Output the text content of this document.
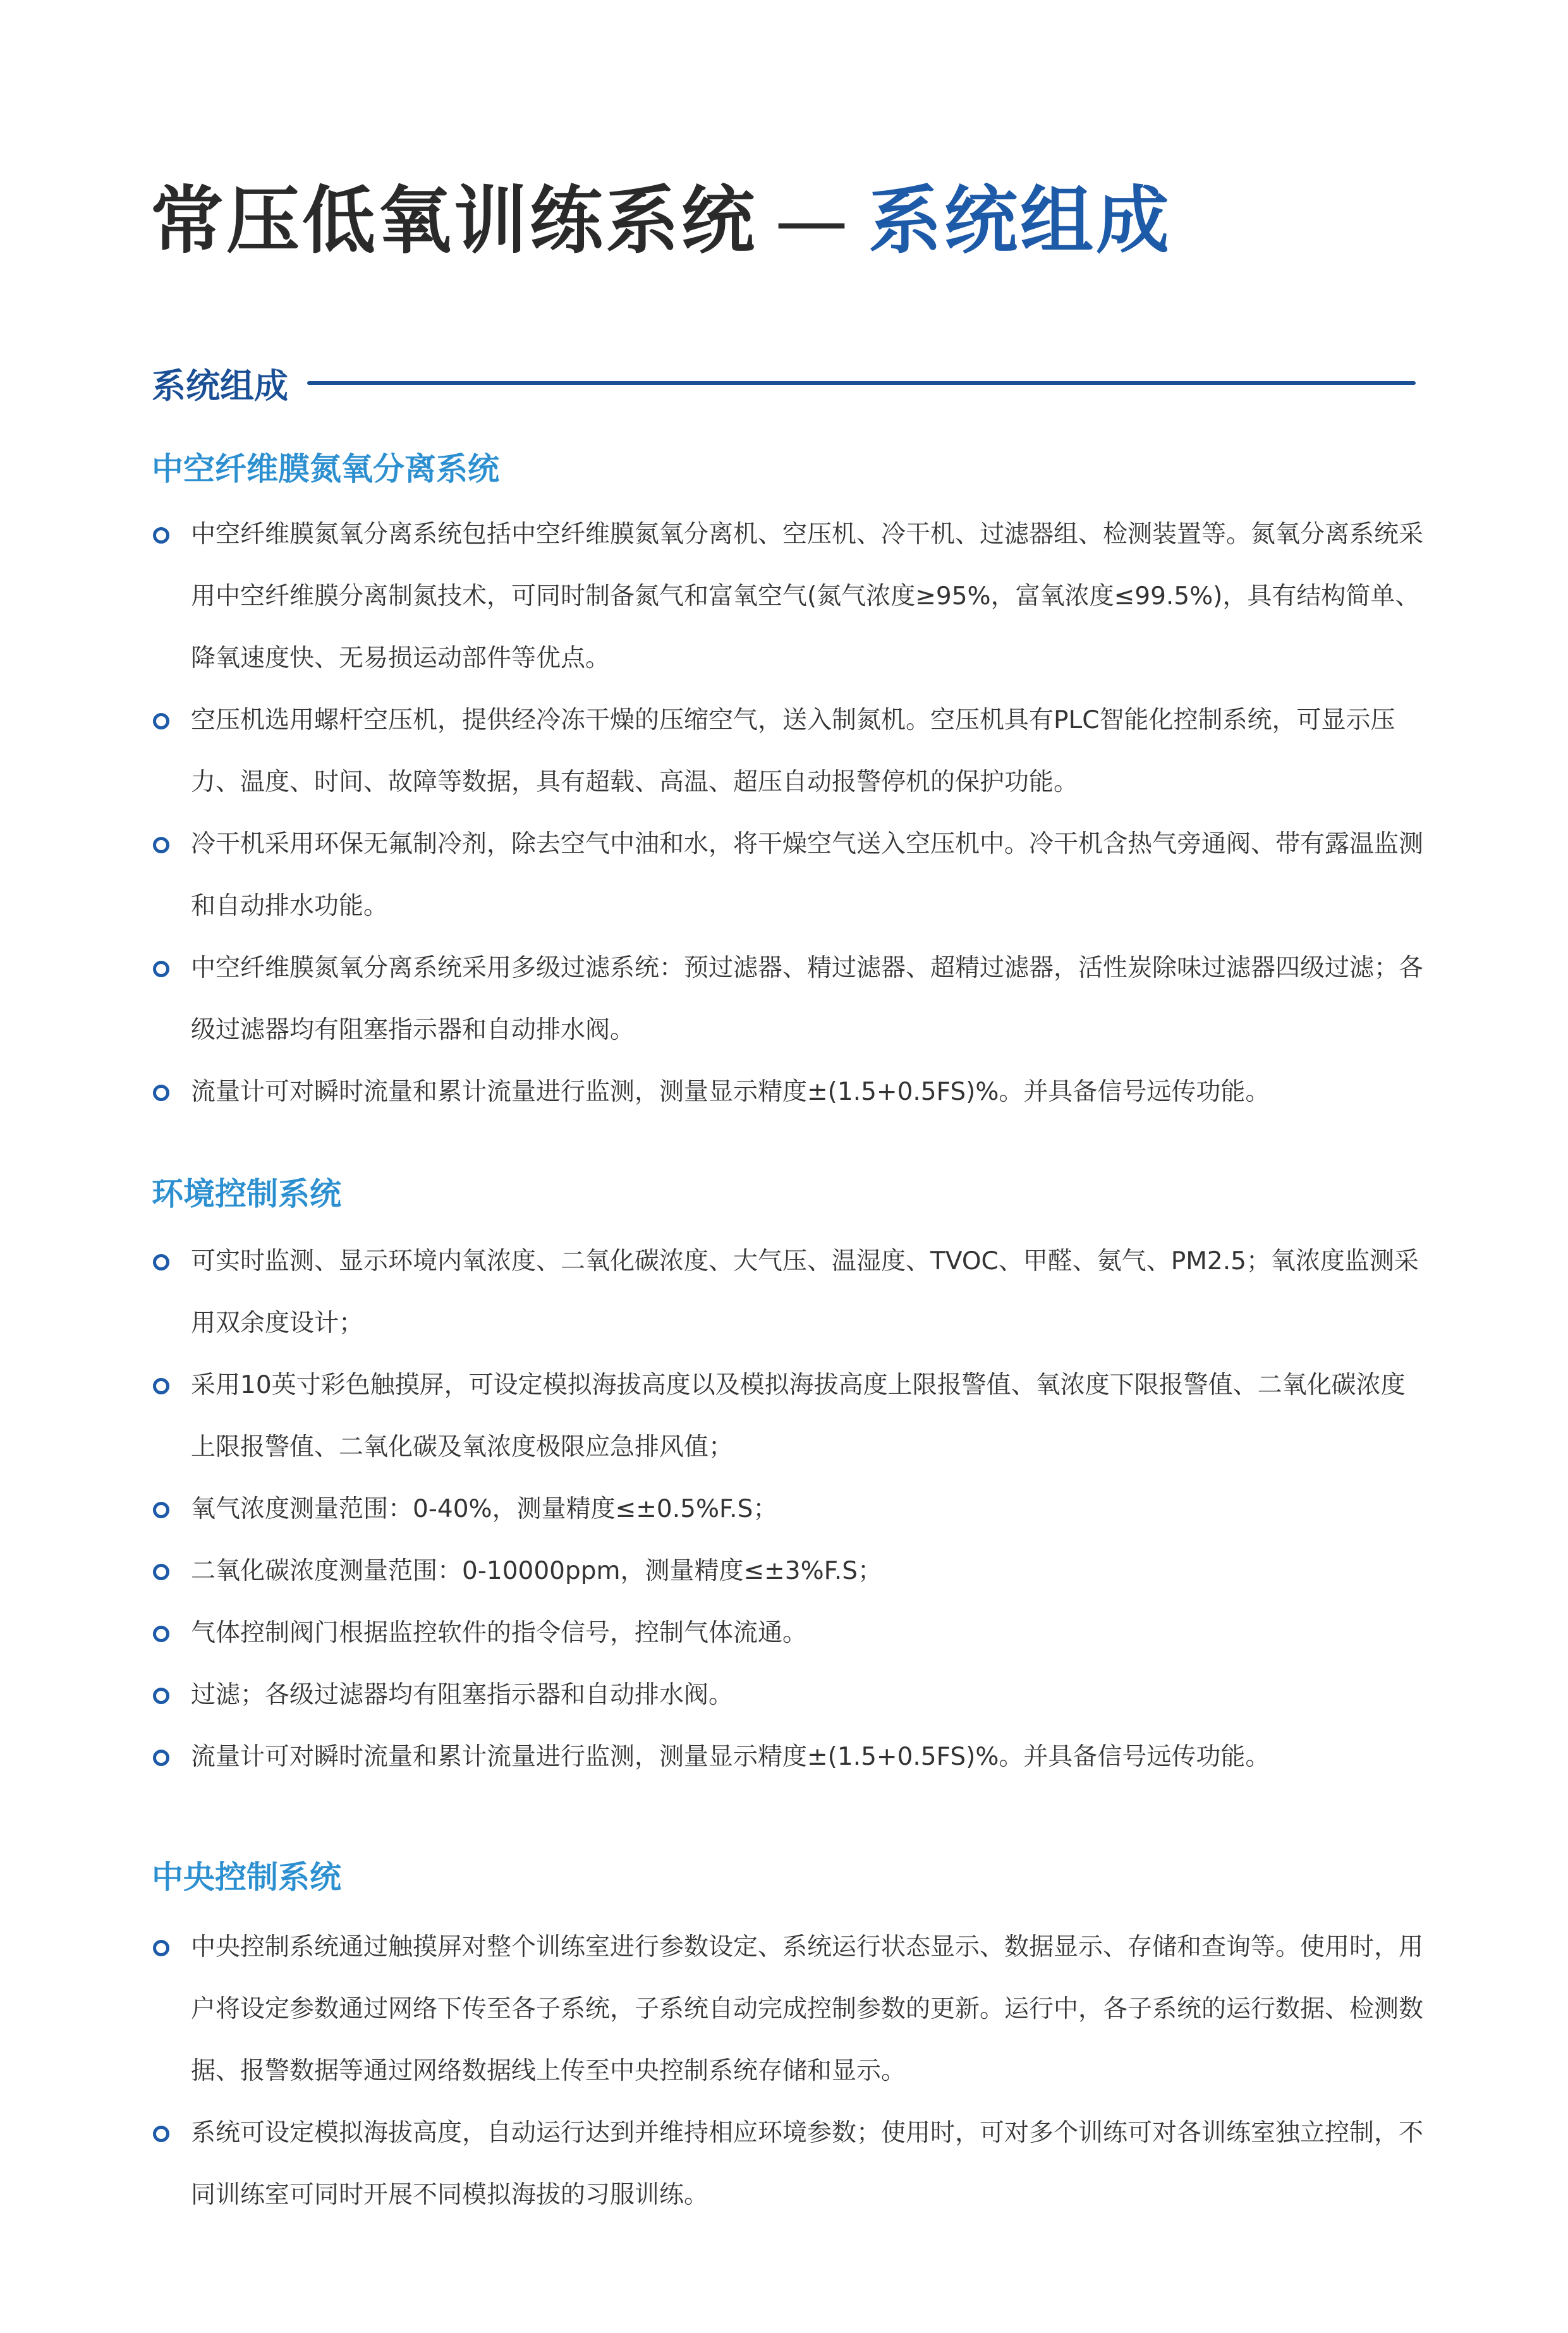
常压低氧训练系统 — 系统组成
系统组成
中空纤维膜氮氧分离系统
中空纤维膜氮氧分离系统包括中空纤维膜氮氧分离机、空压机、冷干机、过滤器组、检测装置等。氮氧分离系统采用中空纤维膜分离制氮技术，可同时制备氮气和富氧空气(氮气浓度≥95%，富氧浓度≤99.5%)，具有结构简单、降氧速度快、无易损运动部件等优点。
空压机选用螺杆空压机，提供经冷冻干燥的压缩空气，送入制氮机。空压机具有PLC智能化控制系统，可显示压力、温度、时间、故障等数据，具有超载、高温、超压自动报警停机的保护功能。
冷干机采用环保无氟制冷剂，除去空气中油和水，将干燥空气送入空压机中。冷干机含热气旁通阀、带有露温监测和自动排水功能。
中空纤维膜氮氧分离系统采用多级过滤系统：预过滤器、精过滤器、超精过滤器，活性炭除味过滤器四级过滤；各级过滤器均有阻塞指示器和自动排水阀。
流量计可对瞬时流量和累计流量进行监测，测量显示精度±(1.5+0.5FS)%。并具备信号远传功能。
环境控制系统
可实时监测、显示环境内氧浓度、二氧化碳浓度、大气压、温湿度、TVOC、甲醛、氨气、PM2.5；氧浓度监测采用双余度设计；
采用10英寸彩色触摸屏，可设定模拟海拔高度以及模拟海拔高度上限报警值、氧浓度下限报警值、二氧化碳浓度上限报警值、二氧化碳及氧浓度极限应急排风值；
氧气浓度测量范围：0-40%，测量精度≤±0.5%F.S；
二氧化碳浓度测量范围：0-10000ppm，测量精度≤±3%F.S；
气体控制阀门根据监控软件的指令信号，控制气体流通。
过滤；各级过滤器均有阻塞指示器和自动排水阀。
流量计可对瞬时流量和累计流量进行监测，测量显示精度±(1.5+0.5FS)%。并具备信号远传功能。
中央控制系统
中央控制系统通过触摸屏对整个训练室进行参数设定、系统运行状态显示、数据显示、存储和查询等。使用时，用户将设定参数通过网络下传至各子系统，子系统自动完成控制参数的更新。运行中，各子系统的运行数据、检测数据、报警数据等通过网络数据线上传至中央控制系统存储和显示。
系统可设定模拟海拔高度，自动运行达到并维持相应环境参数；使用时，可对多个训练可对各训练室独立控制，不同训练室可同时开展不同模拟海拔的习服训练。
